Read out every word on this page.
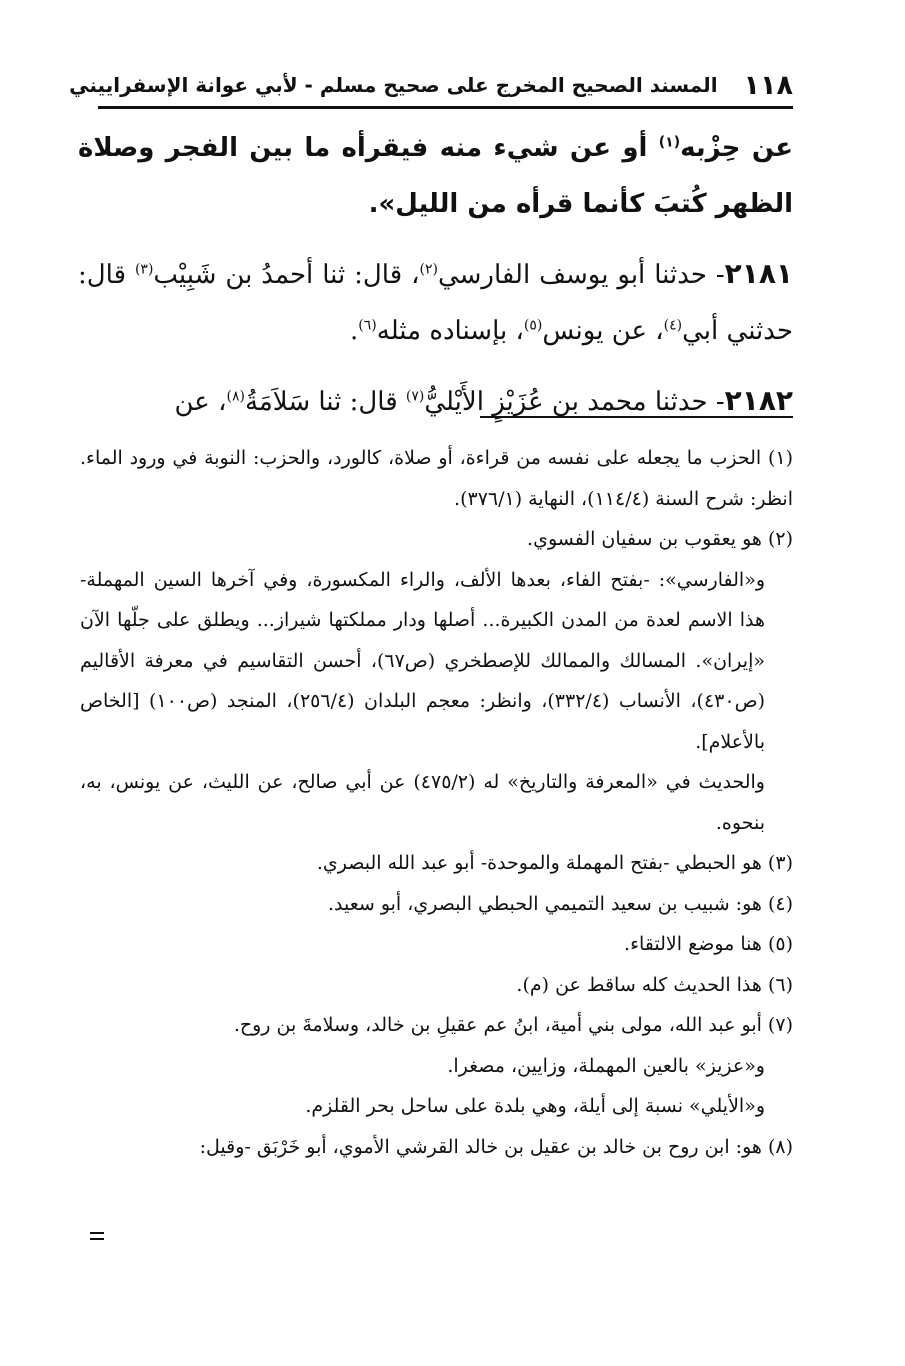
١١٨
المسند الصحيح المخرج على صحيح مسلم - لأبي عوانة الإسفراييني

عن حِزْبه$^{(١)}$ أو عن شيء منه فيقرأه ما بين الفجر وصلاة الظهر كُتبَ كأنما قرأه من الليل».

٢١٨١- حدثنا أبو يوسف الفارسي$^{(٢)}$، قال: ثنا أحمدُ بن شَبِيْب$^{(٣)}$ قال: حدثني أبي$^{(٤)}$، عن يونس$^{(٥)}$، بإسناده مثله$^{(٦)}$.

٢١٨٢- حدثنا محمد بن عُزَيْزٍ الأَيْليُّ$^{(٧)}$ قال: ثنا سَلاَمَةُ$^{(٨)}$، عن

(١) الحزب ما يجعله على نفسه من قراءة، أو صلاة، كالورد، والحزب: النوبة في ورود الماء. انظر: شرح السنة (١١٤/٤)، النهاية (٣٧٦/١).

(٢) هو يعقوب بن سفيان الفسوي.

و«الفارسي»: -بفتح الفاء، بعدها الألف، والراء المكسورة، وفي آخرها السين المهملة- هذا الاسم لعدة من المدن الكبيرة... أصلها ودار مملكتها شيراز... ويطلق على جلّها الآن «إيران». المسالك والممالك للإصطخري (ص٦٧)، أحسن التقاسيم في معرفة الأقاليم (ص٤٣٠)، الأنساب (٣٣٢/٤)، وانظر: معجم البلدان (٢٥٦/٤)، المنجد (ص١٠٠) [الخاص بالأعلام].

والحديث في «المعرفة والتاريخ» له (٤٧٥/٢) عن أبي صالح، عن الليث، عن يونس، به، بنحوه.

(٣) هو الحبطي -بفتح المهملة والموحدة- أبو عبد الله البصري.

(٤) هو: شبيب بن سعيد التميمي الحبطي البصري، أبو سعيد.

(٥) هنا موضع الالتقاء.

(٦) هذا الحديث كله ساقط عن (م).

(٧) أبو عبد الله، مولى بني أمية، ابنُ عم عقيلِ بن خالد، وسلامةَ بن روح.

و«عزيز» بالعين المهملة، وزايين، مصغرا.

و«الأيلي» نسبة إلى أيلة، وهي بلدة على ساحل بحر القلزم.

(٨) هو: ابن روح بن خالد بن عقيل بن خالد القرشي الأموي، أبو خَرْبَق -وقيل:
